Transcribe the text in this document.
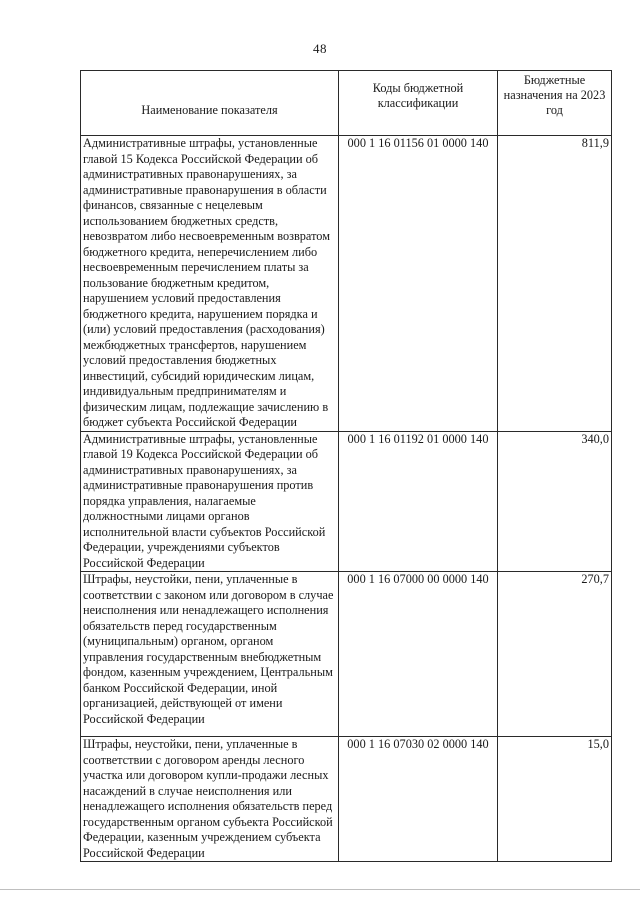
48
Наименование показателя	Коды бюджетной классификации	Бюджетные назначения на 2023 год
Административные штрафы, установленные главой 15 Кодекса Российской Федерации об административных правонарушениях, за административные правонарушения в области финансов, связанные с нецелевым использованием бюджетных средств, невозвратом либо несвоевременным возвратом бюджетного кредита, неперечислением либо несвоевременным перечислением платы за пользование бюджетным кредитом, нарушением условий предоставления бюджетного кредита, нарушением порядка и (или) условий предоставления (расходования) межбюджетных трансфертов, нарушением условий предоставления бюджетных инвестиций, субсидий юридическим лицам, индивидуальным предпринимателям и физическим лицам, подлежащие зачислению в бюджет субъекта Российской Федерации	000 1 16 01156 01 0000 140	811,9
Административные штрафы, установленные главой 19 Кодекса Российской Федерации об административных правонарушениях, за административные правонарушения против порядка управления, налагаемые должностными лицами органов исполнительной власти субъектов Российской Федерации, учреждениями субъектов Российской Федерации	000 1 16 01192 01 0000 140	340,0
Штрафы, неустойки, пени, уплаченные в соответствии с законом или договором в случае неисполнения или ненадлежащего исполнения обязательств перед государственным (муниципальным) органом, органом управления государственным внебюджетным фондом, казенным учреждением, Центральным банком Российской Федерации, иной организацией, действующей от имени Российской Федерации	000 1 16 07000 00 0000 140	270,7
Штрафы, неустойки, пени, уплаченные в соответствии с договором аренды лесного участка или договором купли-продажи лесных насаждений в случае неисполнения или ненадлежащего исполнения обязательств перед государственным органом субъекта Российской Федерации, казенным учреждением субъекта Российской Федерации	000 1 16 07030 02 0000 140	15,0
